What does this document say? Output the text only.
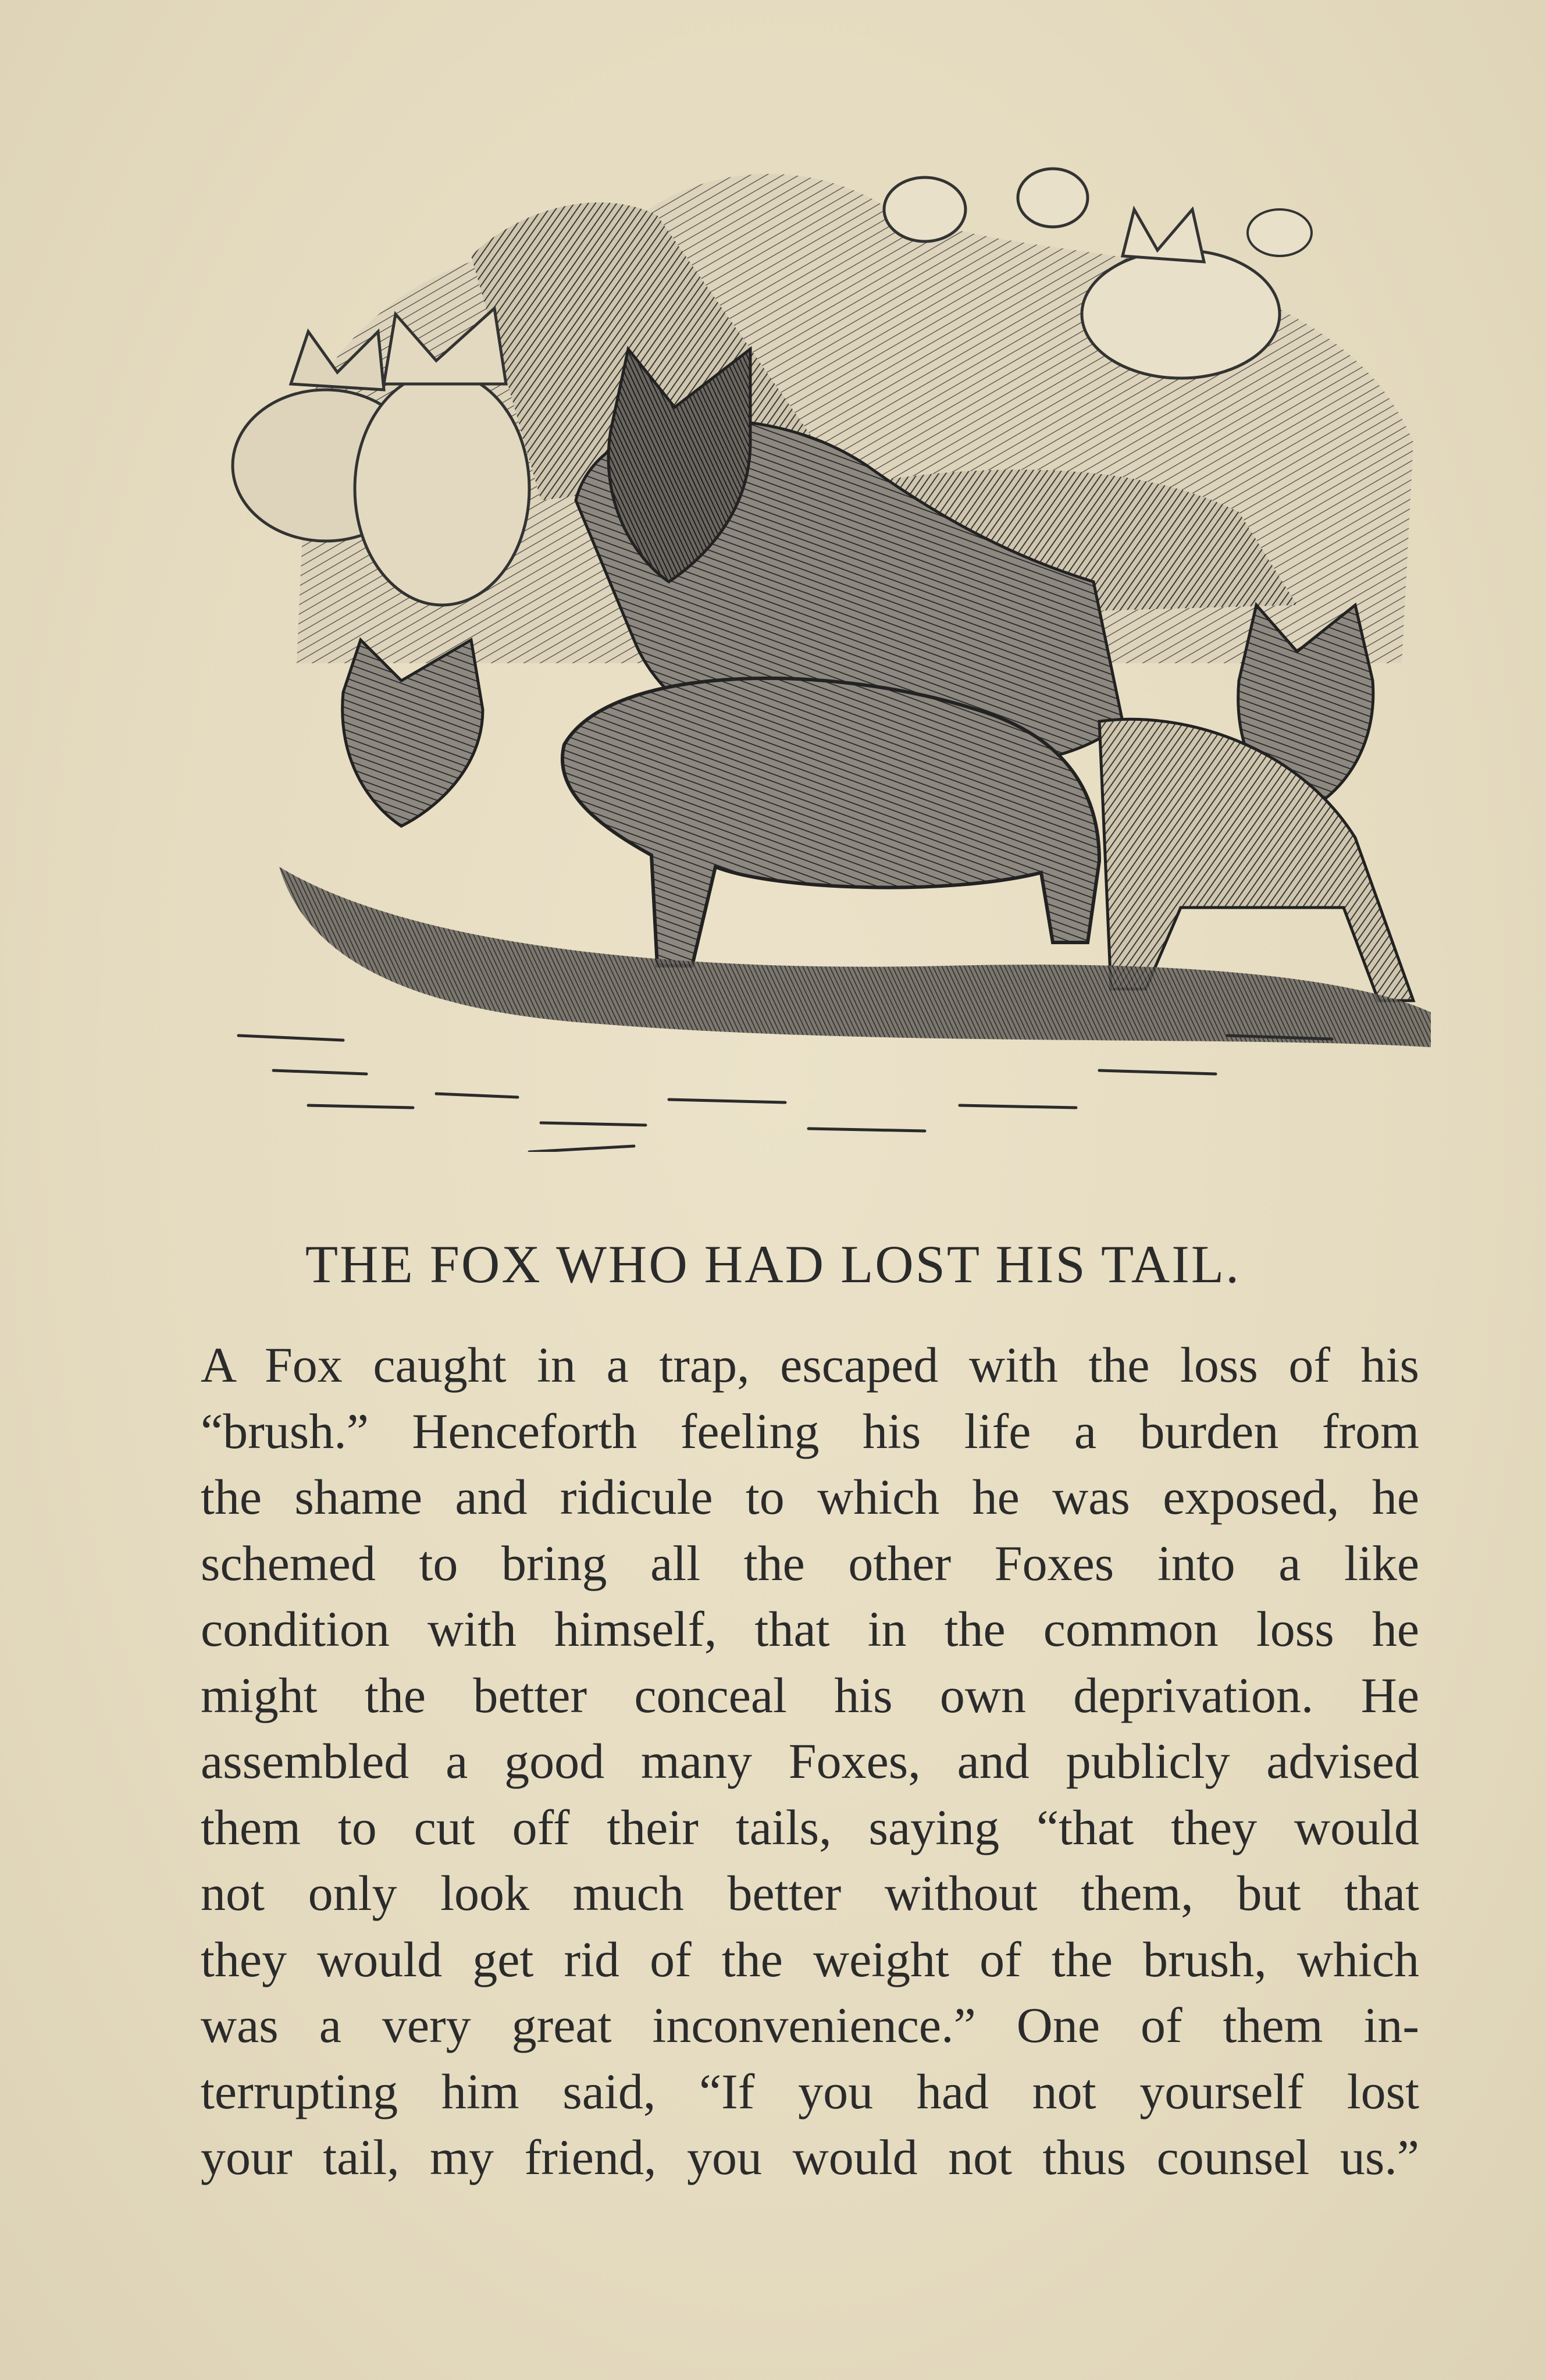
THE FOX WHO HAD LOST HIS TAIL.
A Fox caught in a trap, escaped with the loss of his
“brush.” Henceforth feeling his life a burden from
the shame and ridicule to which he was exposed, he
schemed to bring all the other Foxes into a like
condition with himself, that in the common loss he
might the better conceal his own deprivation. He
assembled a good many Foxes, and publicly advised
them to cut off their tails, saying “that they would
not only look much better without them, but that
they would get rid of the weight of the brush, which
was a very great inconvenience.” One of them in-
terrupting him said, “If you had not yourself lost
your tail, my friend, you would not thus counsel us.”
